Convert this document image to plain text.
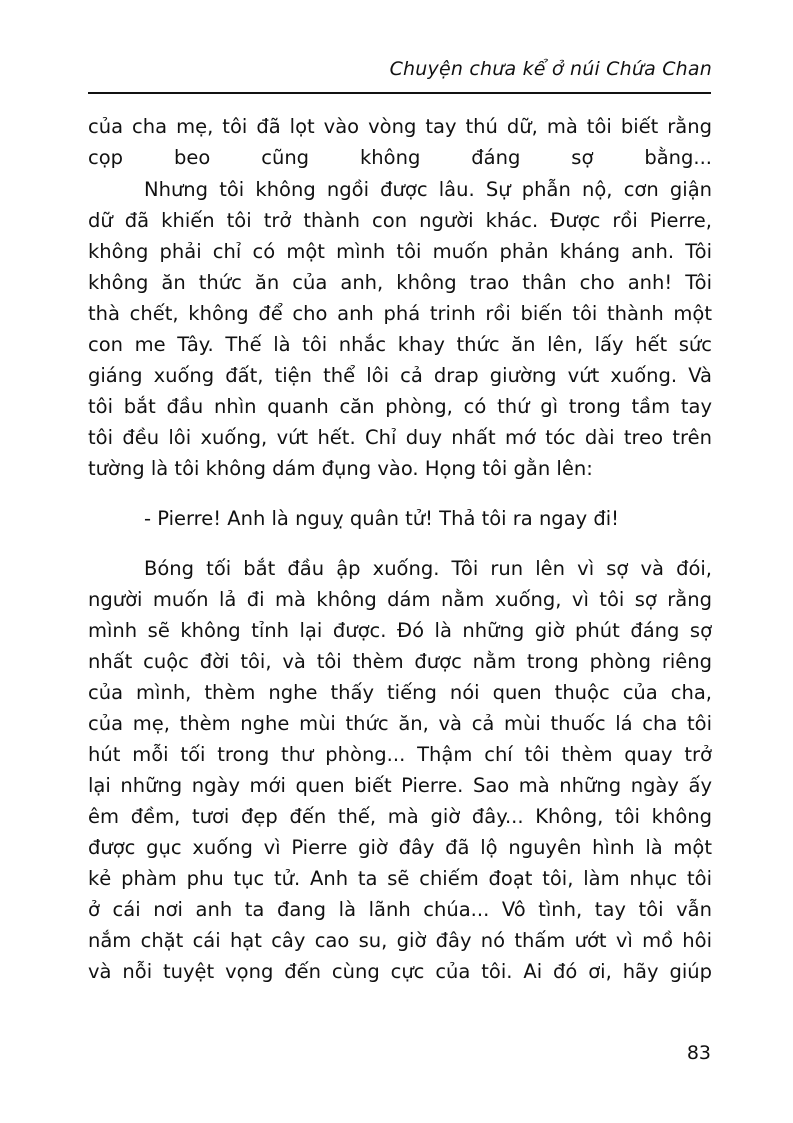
Chuyện chưa kể ở núi Chứa Chan
của cha mẹ, tôi đã lọt vào vòng tay thú dữ, mà tôi biết rằng
cọp beo cũng không đáng sợ bằng...
Nhưng tôi không ngồi được lâu. Sự phẫn nộ, cơn giận
dữ đã khiến tôi trở thành con người khác. Được rồi Pierre,
không phải chỉ có một mình tôi muốn phản kháng anh. Tôi
không ăn thức ăn của anh, không trao thân cho anh! Tôi
thà chết, không để cho anh phá trinh rồi biến tôi thành một
con me Tây. Thế là tôi nhắc khay thức ăn lên, lấy hết sức
giáng xuống đất, tiện thể lôi cả drap giường vứt xuống. Và
tôi bắt đầu nhìn quanh căn phòng, có thứ gì trong tầm tay
tôi đều lôi xuống, vứt hết. Chỉ duy nhất mớ tóc dài treo trên
tường là tôi không dám đụng vào. Họng tôi gằn lên:
- Pierre! Anh là nguỵ quân tử! Thả tôi ra ngay đi!
Bóng tối bắt đầu ập xuống. Tôi run lên vì sợ và đói,
người muốn lả đi mà không dám nằm xuống, vì tôi sợ rằng
mình sẽ không tỉnh lại được. Đó là những giờ phút đáng sợ
nhất cuộc đời tôi, và tôi thèm được nằm trong phòng riêng
của mình, thèm nghe thấy tiếng nói quen thuộc của cha,
của mẹ, thèm nghe mùi thức ăn, và cả mùi thuốc lá cha tôi
hút mỗi tối trong thư phòng... Thậm chí tôi thèm quay trở
lại những ngày mới quen biết Pierre. Sao mà những ngày ấy
êm đềm, tươi đẹp đến thế, mà giờ đây... Không, tôi không
được gục xuống vì Pierre giờ đây đã lộ nguyên hình là một
kẻ phàm phu tục tử. Anh ta sẽ chiếm đoạt tôi, làm nhục tôi
ở cái nơi anh ta đang là lãnh chúa... Vô tình, tay tôi vẫn
nắm chặt cái hạt cây cao su, giờ đây nó thấm ướt vì mồ hôi
và nỗi tuyệt vọng đến cùng cực của tôi. Ai đó ơi, hãy giúp
83
